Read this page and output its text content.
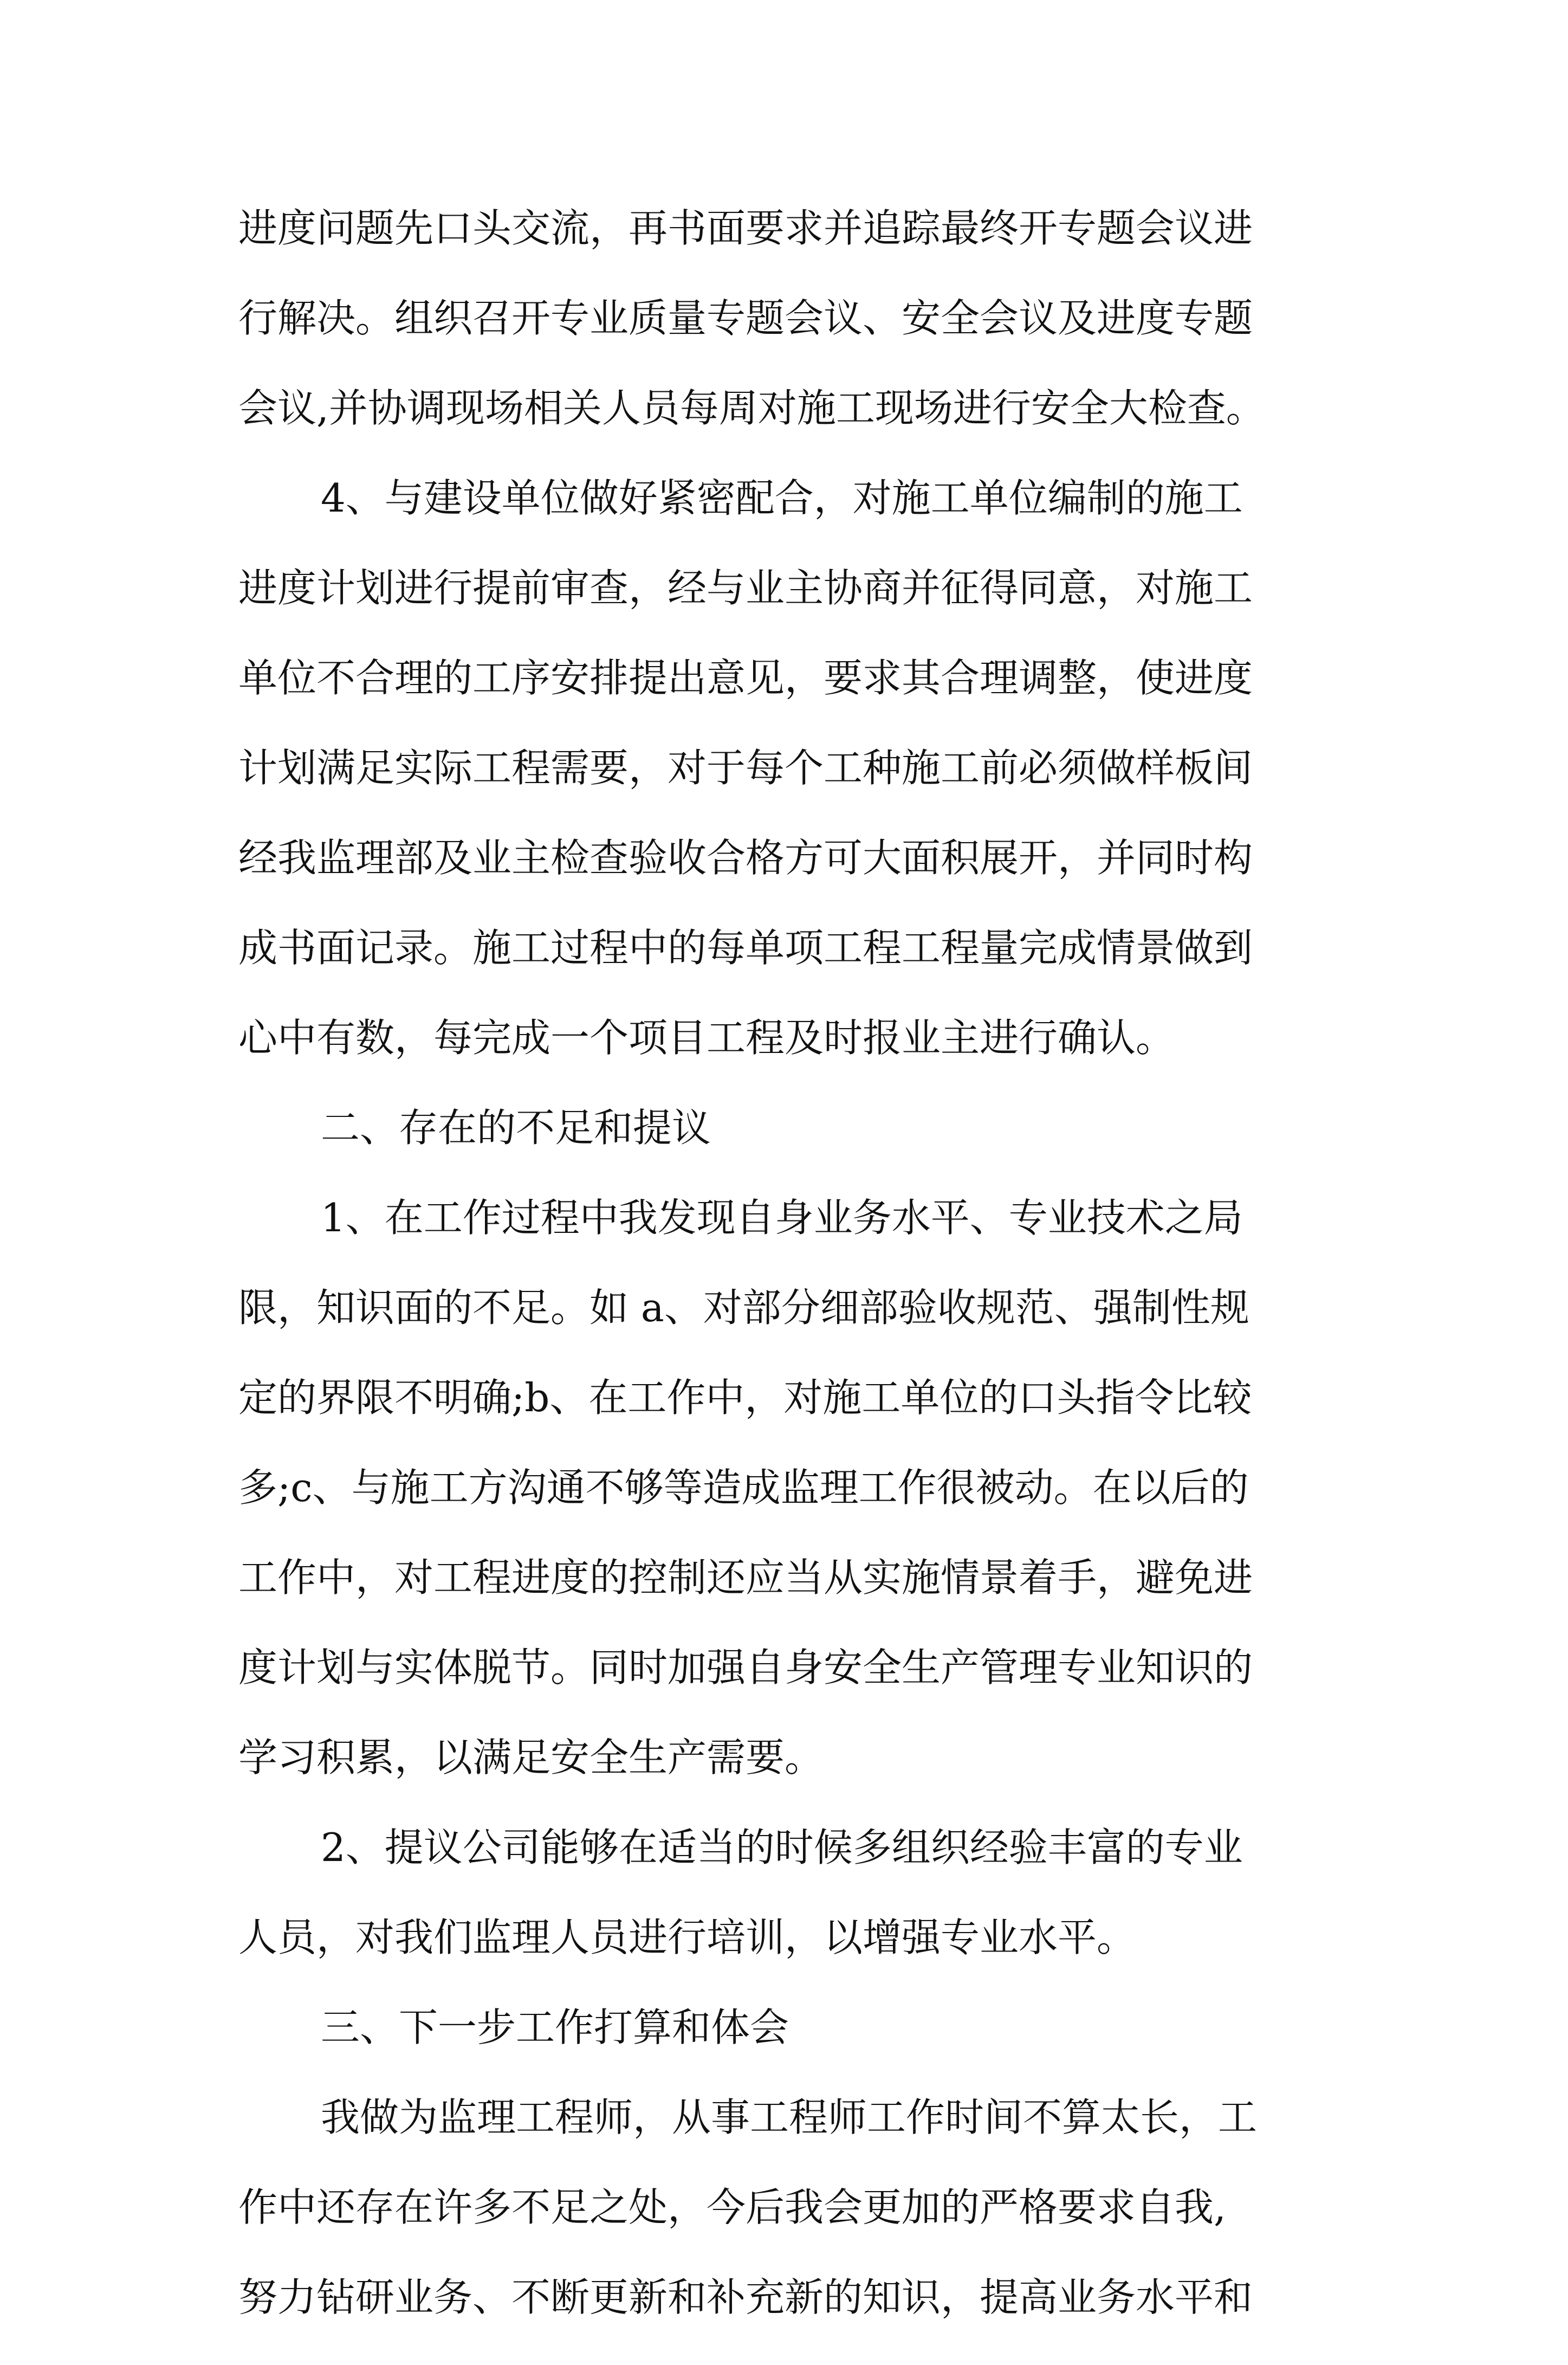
进度问题先口头交流，再书面要求并追踪最终开专题会议进
行解决。组织召开专业质量专题会议、安全会议及进度专题
会议,并协调现场相关人员每周对施工现场进行安全大检查。
4、与建设单位做好紧密配合，对施工单位编制的施工
进度计划进行提前审查，经与业主协商并征得同意，对施工
单位不合理的工序安排提出意见，要求其合理调整，使进度
计划满足实际工程需要，对于每个工种施工前必须做样板间
经我监理部及业主检查验收合格方可大面积展开，并同时构
成书面记录。施工过程中的每单项工程工程量完成情景做到
心中有数，每完成一个项目工程及时报业主进行确认。
二、存在的不足和提议
1、在工作过程中我发现自身业务水平、专业技术之局
限，知识面的不足。如 a、对部分细部验收规范、强制性规
定的界限不明确;b、在工作中，对施工单位的口头指令比较
多;c、与施工方沟通不够等造成监理工作很被动。在以后的
工作中，对工程进度的控制还应当从实施情景着手，避免进
度计划与实体脱节。同时加强自身安全生产管理专业知识的
学习积累，以满足安全生产需要。
2、提议公司能够在适当的时候多组织经验丰富的专业
人员，对我们监理人员进行培训，以增强专业水平。
三、下一步工作打算和体会
我做为监理工程师，从事工程师工作时间不算太长，工
作中还存在许多不足之处，今后我会更加的严格要求自我,
努力钻研业务、不断更新和补充新的知识，提高业务水平和
